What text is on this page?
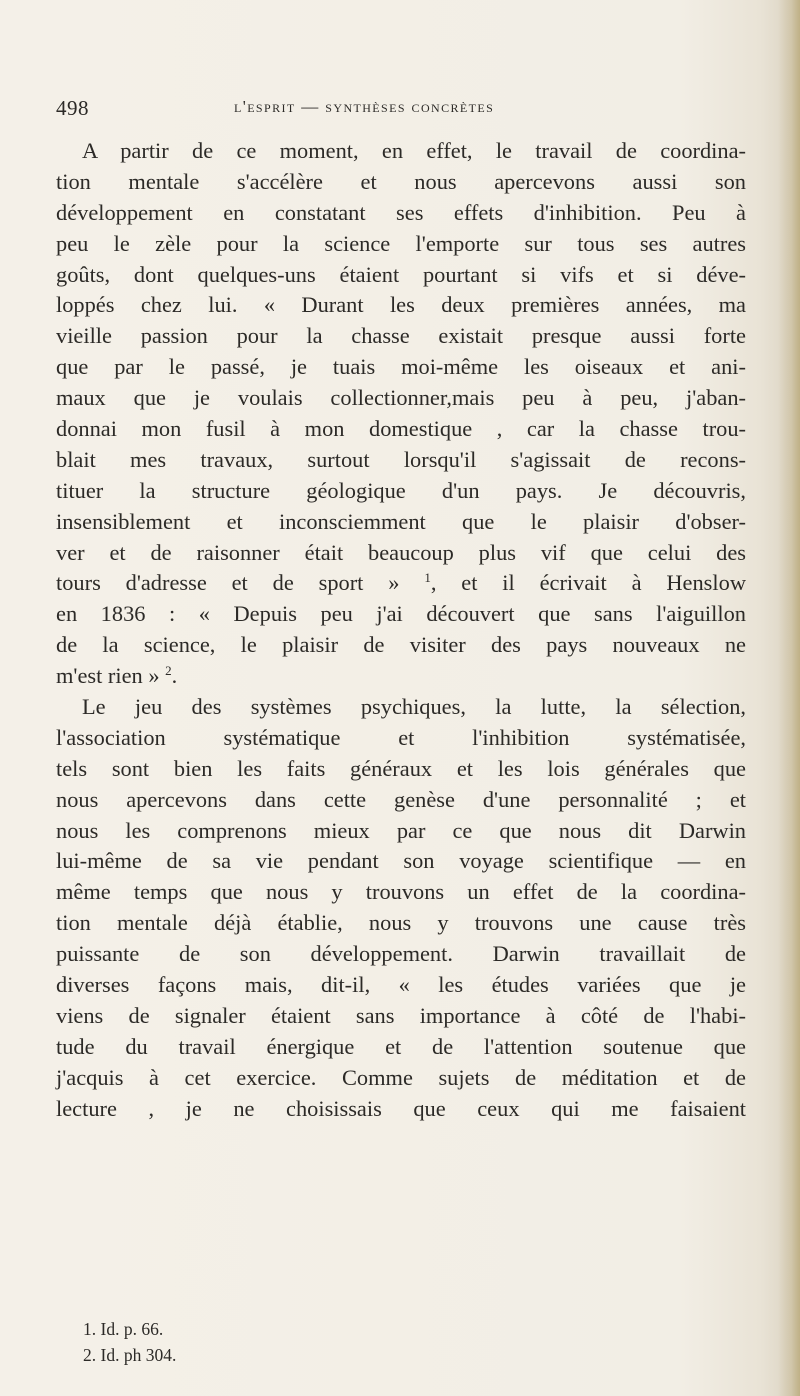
498	l'esprit — synthèses concrètes
A partir de ce moment, en effet, le travail de coordina-
tion mentale s'accélère et nous apercevons aussi son
développement en constatant ses effets d'inhibition. Peu à
peu le zèle pour la science l'emporte sur tous ses autres
goûts, dont quelques-uns étaient pourtant si vifs et si déve-
loppés chez lui. « Durant les deux premières années, ma
vieille passion pour la chasse existait presque aussi forte
que par le passé, je tuais moi-même les oiseaux et ani-
maux que je voulais collectionner,mais peu à peu, j'aban-
donnai mon fusil à mon domestique , car la chasse trou-
blait mes travaux, surtout lorsqu'il s'agissait de recons-
tituer la structure géologique d'un pays. Je découvris,
insensiblement et inconsciemment que le plaisir d'obser-
ver et de raisonner était beaucoup plus vif que celui des
tours d'adresse et de sport » $^1$, et il écrivait à Henslow
en 1836 : « Depuis peu j'ai découvert que sans l'aiguillon
de la science, le plaisir de visiter des pays nouveaux ne
m'est rien » $^2$.
Le jeu des systèmes psychiques, la lutte, la sélection,
l'association systématique et l'inhibition systématisée,
tels sont bien les faits généraux et les lois générales que
nous apercevons dans cette genèse d'une personnalité ; et
nous les comprenons mieux par ce que nous dit Darwin
lui-même de sa vie pendant son voyage scientifique — en
même temps que nous y trouvons un effet de la coordina-
tion mentale déjà établie, nous y trouvons une cause très
puissante de son développement. Darwin travaillait de
diverses façons mais, dit-il, « les études variées que je
viens de signaler étaient sans importance à côté de l'habi-
tude du travail énergique et de l'attention soutenue que
j'acquis à cet exercice. Comme sujets de méditation et de
lecture , je ne choisissais que ceux qui me faisaient
1. Id. p. 66.
2. Id. ph 304.
